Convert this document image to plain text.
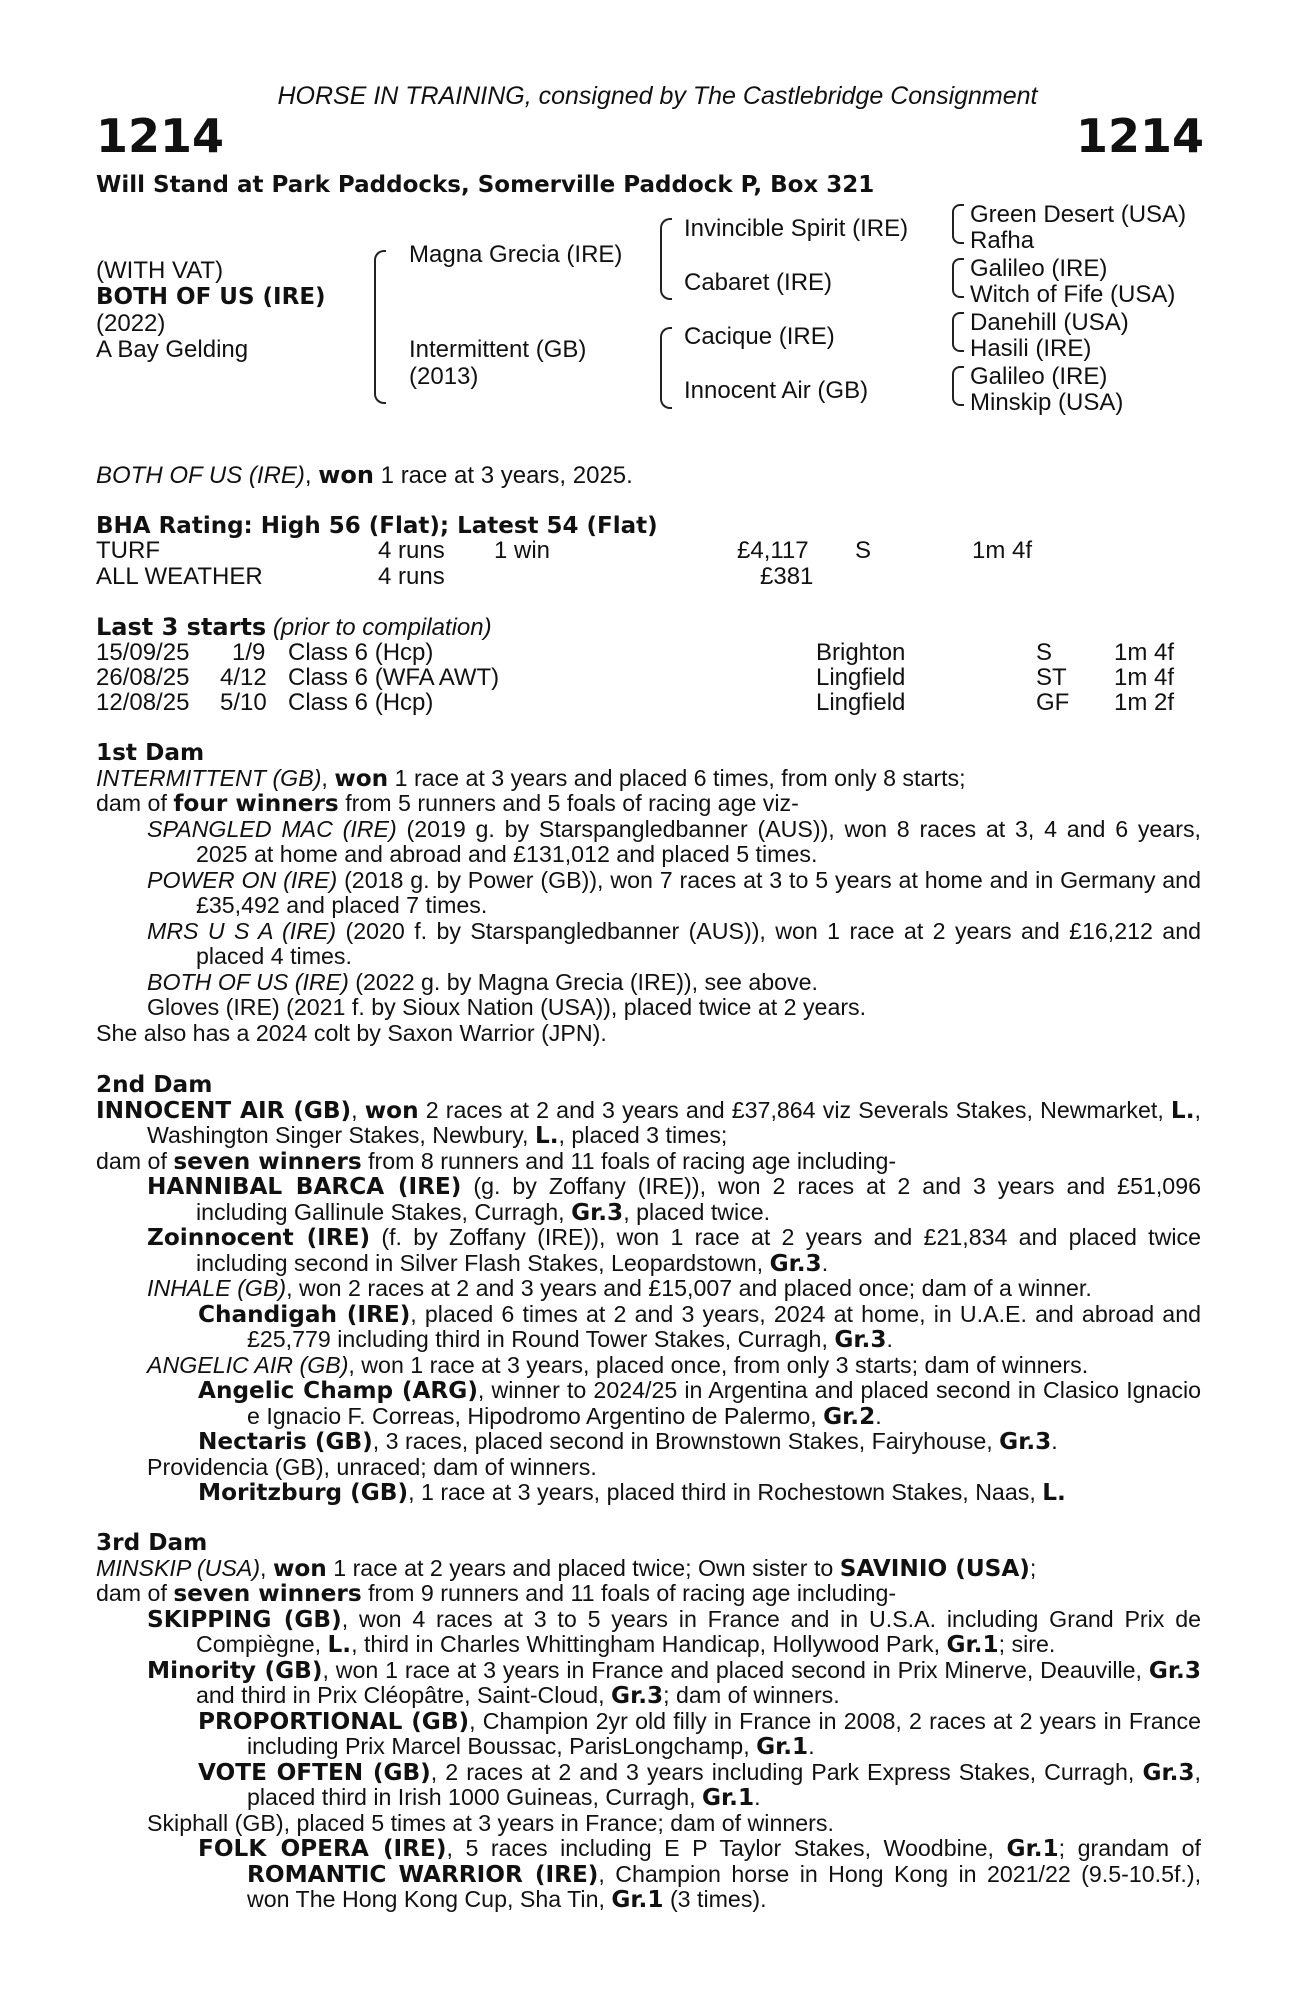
HORSE IN TRAINING, consigned by The Castlebridge Consignment
1214	1214
Will Stand at Park Paddocks, Somerville Paddock P, Box 321
(WITH VAT)
BOTH OF US (IRE)
(2022)
A Bay Gelding
Magna Grecia (IRE)
Intermittent (GB)
(2013)
Invincible Spirit (IRE)
Cabaret (IRE)
Cacique (IRE)
Innocent Air (GB)
Green Desert (USA)
Rafha
Galileo (IRE)
Witch of Fife (USA)
Danehill (USA)
Hasili (IRE)
Galileo (IRE)
Minskip (USA)
BOTH OF US (IRE), won 1 race at 3 years, 2025.
BHA Rating: High 56 (Flat); Latest 54 (Flat)
TURF	4 runs 1 win	£4,117 S	1m 4f
ALL WEATHER	4 runs	£381
Last 3 starts (prior to compilation)
15/09/25 1/9 Class 6 (Hcp)	Brighton	S	1m 4f
26/08/25 4/12 Class 6 (WFA AWT)	Lingfield	ST 1m 4f
12/08/25 5/10 Class 6 (Hcp)	Lingfield	GF 1m 2f

1st Dam

INTERMITTENT (GB), won 1 race at 3 years and placed 6 times, from only 8 starts;

dam of four winners from 5 runners and 5 foals of racing age viz-

SPANGLED MAC (IRE) (2019 g. by Starspangledbanner (AUS)), won 8 races at 3, 4 and 6 years, 2025 at home and abroad and £131,012 and placed 5 times.

POWER ON (IRE) (2018 g. by Power (GB)), won 7 races at 3 to 5 years at home and in Germany and £35,492 and placed 7 times.

MRS U S A (IRE) (2020 f. by Starspangledbanner (AUS)), won 1 race at 2 years and £16,212 and placed 4 times.

BOTH OF US (IRE) (2022 g. by Magna Grecia (IRE)), see above.

Gloves (IRE) (2021 f. by Sioux Nation (USA)), placed twice at 2 years.

She also has a 2024 colt by Saxon Warrior (JPN).

2nd Dam

INNOCENT AIR (GB), won 2 races at 2 and 3 years and £37,864 viz Severals Stakes, Newmarket, L., Washington Singer Stakes, Newbury, L., placed 3 times;

dam of seven winners from 8 runners and 11 foals of racing age including-

HANNIBAL BARCA (IRE) (g. by Zoffany (IRE)), won 2 races at 2 and 3 years and £51,096 including Gallinule Stakes, Curragh, Gr.3, placed twice.

Zoinnocent (IRE) (f. by Zoffany (IRE)), won 1 race at 2 years and £21,834 and placed twice including second in Silver Flash Stakes, Leopardstown, Gr.3.

INHALE (GB), won 2 races at 2 and 3 years and £15,007 and placed once; dam of a winner.

Chandigah (IRE), placed 6 times at 2 and 3 years, 2024 at home, in U.A.E. and abroad and £25,779 including third in Round Tower Stakes, Curragh, Gr.3.

ANGELIC AIR (GB), won 1 race at 3 years, placed once, from only 3 starts; dam of winners.

Angelic Champ (ARG), winner to 2024/25 in Argentina and placed second in Clasico Ignacio e Ignacio F. Correas, Hipodromo Argentino de Palermo, Gr.2.

Nectaris (GB), 3 races, placed second in Brownstown Stakes, Fairyhouse, Gr.3.

Providencia (GB), unraced; dam of winners.

Moritzburg (GB), 1 race at 3 years, placed third in Rochestown Stakes, Naas, L.

3rd Dam

MINSKIP (USA), won 1 race at 2 years and placed twice; Own sister to SAVINIO (USA);

dam of seven winners from 9 runners and 11 foals of racing age including-

SKIPPING (GB), won 4 races at 3 to 5 years in France and in U.S.A. including Grand Prix de Compiègne, L., third in Charles Whittingham Handicap, Hollywood Park, Gr.1; sire.

Minority (GB), won 1 race at 3 years in France and placed second in Prix Minerve, Deauville, Gr.3 and third in Prix Cléopâtre, Saint-Cloud, Gr.3; dam of winners.

PROPORTIONAL (GB), Champion 2yr old filly in France in 2008, 2 races at 2 years in France including Prix Marcel Boussac, ParisLongchamp, Gr.1.

VOTE OFTEN (GB), 2 races at 2 and 3 years including Park Express Stakes, Curragh, Gr.3, placed third in Irish 1000 Guineas, Curragh, Gr.1.

Skiphall (GB), placed 5 times at 3 years in France; dam of winners.

FOLK OPERA (IRE), 5 races including E P Taylor Stakes, Woodbine, Gr.1; grandam of ROMANTIC WARRIOR (IRE), Champion horse in Hong Kong in 2021/22 (9.5-10.5f.), won The Hong Kong Cup, Sha Tin, Gr.1 (3 times).
